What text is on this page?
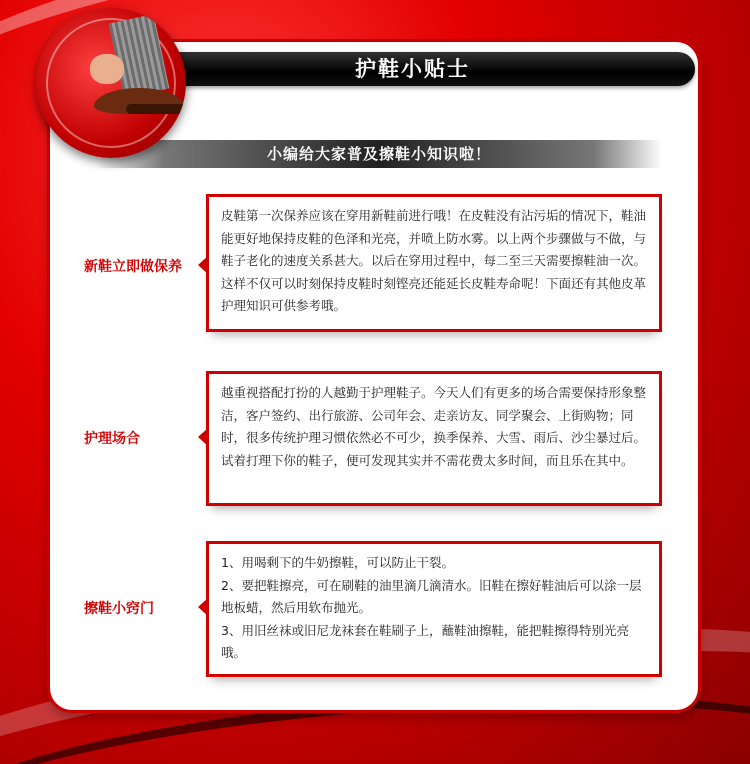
护鞋小贴士
小编给大家普及擦鞋小知识啦！
新鞋立即做保养

皮鞋第一次保养应该在穿用新鞋前进行哦！在皮鞋没有沾污垢的情况下，鞋油能更好地保持皮鞋的色泽和光亮，并喷上防水雾。以上两个步骤做与不做，与鞋子老化的速度关系甚大。以后在穿用过程中，每二至三天需要擦鞋油一次。这样不仅可以时刻保持皮鞋时刻铿亮还能延长皮鞋寿命呢！下面还有其他皮革护理知识可供参考哦。

护理场合

越重视搭配打扮的人越勤于护理鞋子。今天人们有更多的场合需要保持形象整洁，客户签约、出行旅游、公司年会、走亲访友、同学聚会、上街购物；同时，很多传统护理习惯依然必不可少，换季保养、大雪、雨后、沙尘暴过后。试着打理下你的鞋子，便可发现其实并不需花费太多时间，而且乐在其中。

擦鞋小窍门

1、用喝剩下的牛奶擦鞋，可以防止干裂。

2、要把鞋擦亮，可在刷鞋的油里滴几滴清水。旧鞋在擦好鞋油后可以涂一层地板蜡，然后用软布抛光。

3、用旧丝袜或旧尼龙袜套在鞋刷子上，蘸鞋油擦鞋，能把鞋擦得特别光亮哦。
